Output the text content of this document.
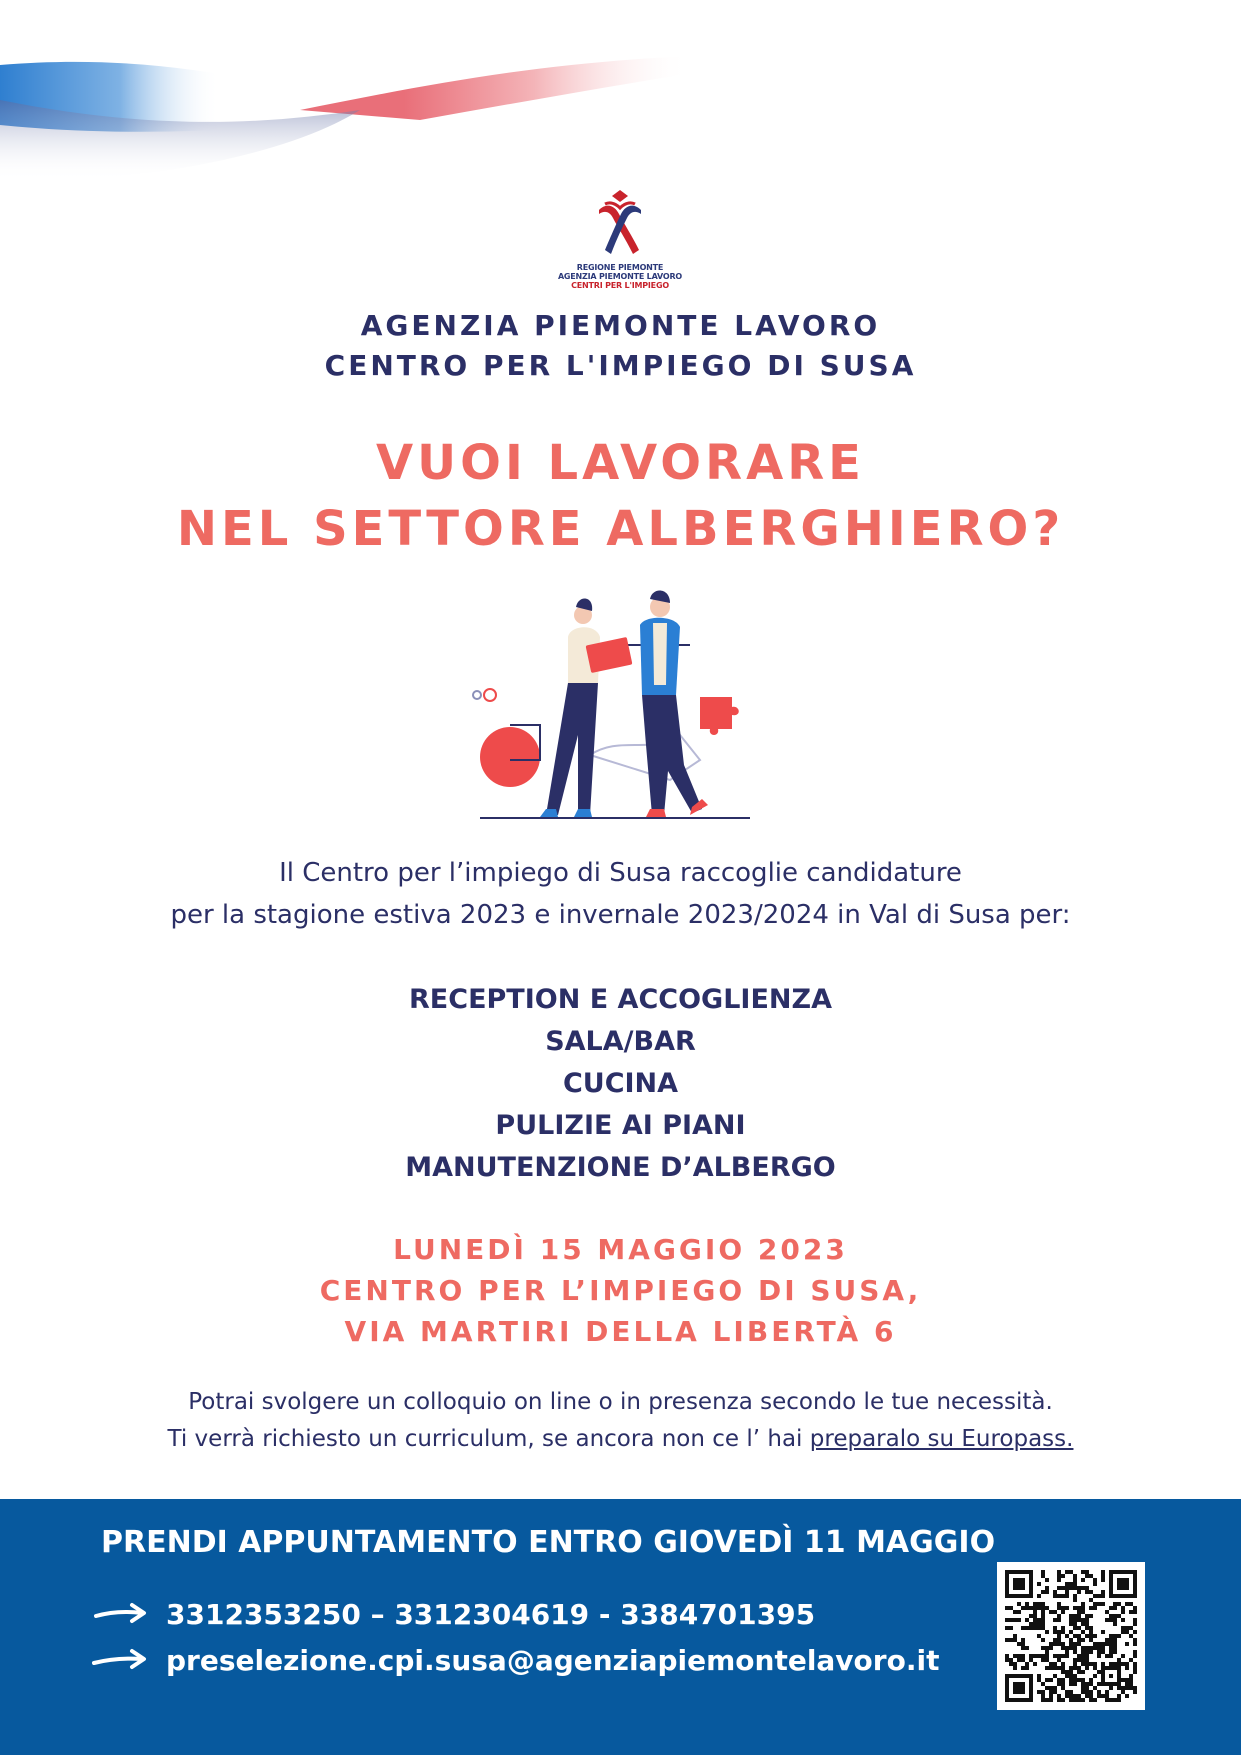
REGIONE PIEMONTE
AGENZIA PIEMONTE LAVORO
CENTRI PER L'IMPIEGO
AGENZIA PIEMONTE LAVORO
CENTRO PER L'IMPIEGO DI SUSA
VUOI LAVORARE
NEL SETTORE ALBERGHIERO?
Il Centro per l’impiego di Susa raccoglie candidature
per la stagione estiva 2023 e invernale 2023/2024 in Val di Susa per:
RECEPTION E ACCOGLIENZA
SALA/BAR
CUCINA
PULIZIE AI PIANI
MANUTENZIONE D’ALBERGO
LUNEDÌ 15 MAGGIO 2023
CENTRO PER L’IMPIEGO DI SUSA,
VIA MARTIRI DELLA LIBERTÀ 6
Potrai svolgere un colloquio on line o in presenza secondo le tue necessità.
Ti verrà richiesto un curriculum, se ancora non ce l’ hai preparalo su Europass.
PRENDI APPUNTAMENTO ENTRO GIOVEDÌ 11 MAGGIO
3312353250 – 3312304619 - 3384701395
preselezione.cpi.susa@agenziapiemontelavoro.it
